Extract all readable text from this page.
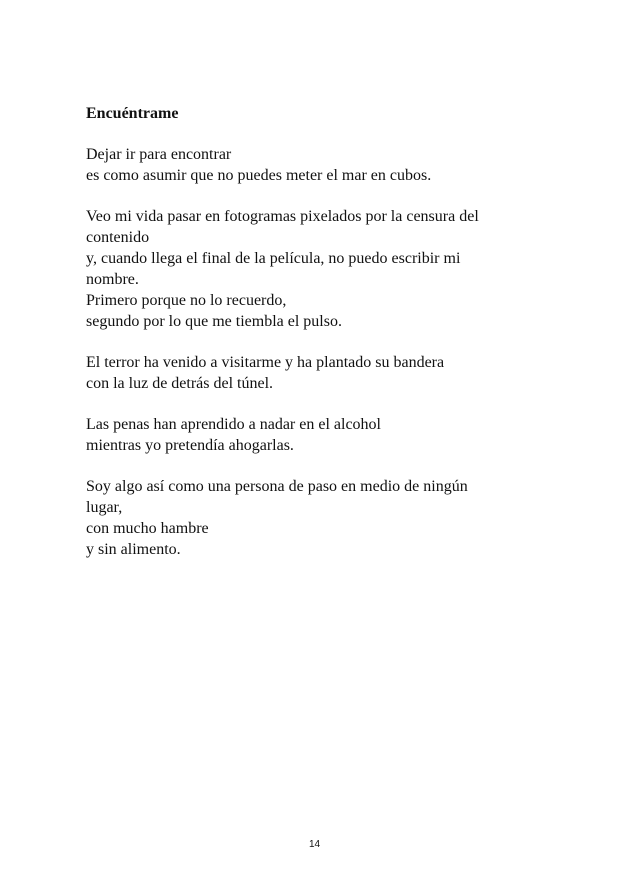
Encuéntrame
Dejar ir para encontrar
es como asumir que no puedes meter el mar en cubos.
Veo mi vida pasar en fotogramas pixelados por la censura del
contenido
y, cuando llega el final de la película, no puedo escribir mi
nombre.
Primero porque no lo recuerdo,
segundo por lo que me tiembla el pulso.
El terror ha venido a visitarme y ha plantado su bandera
con la luz de detrás del túnel.
Las penas han aprendido a nadar en el alcohol
mientras yo pretendía ahogarlas.
Soy algo así como una persona de paso en medio de ningún
lugar,
con mucho hambre
y sin alimento.
14
